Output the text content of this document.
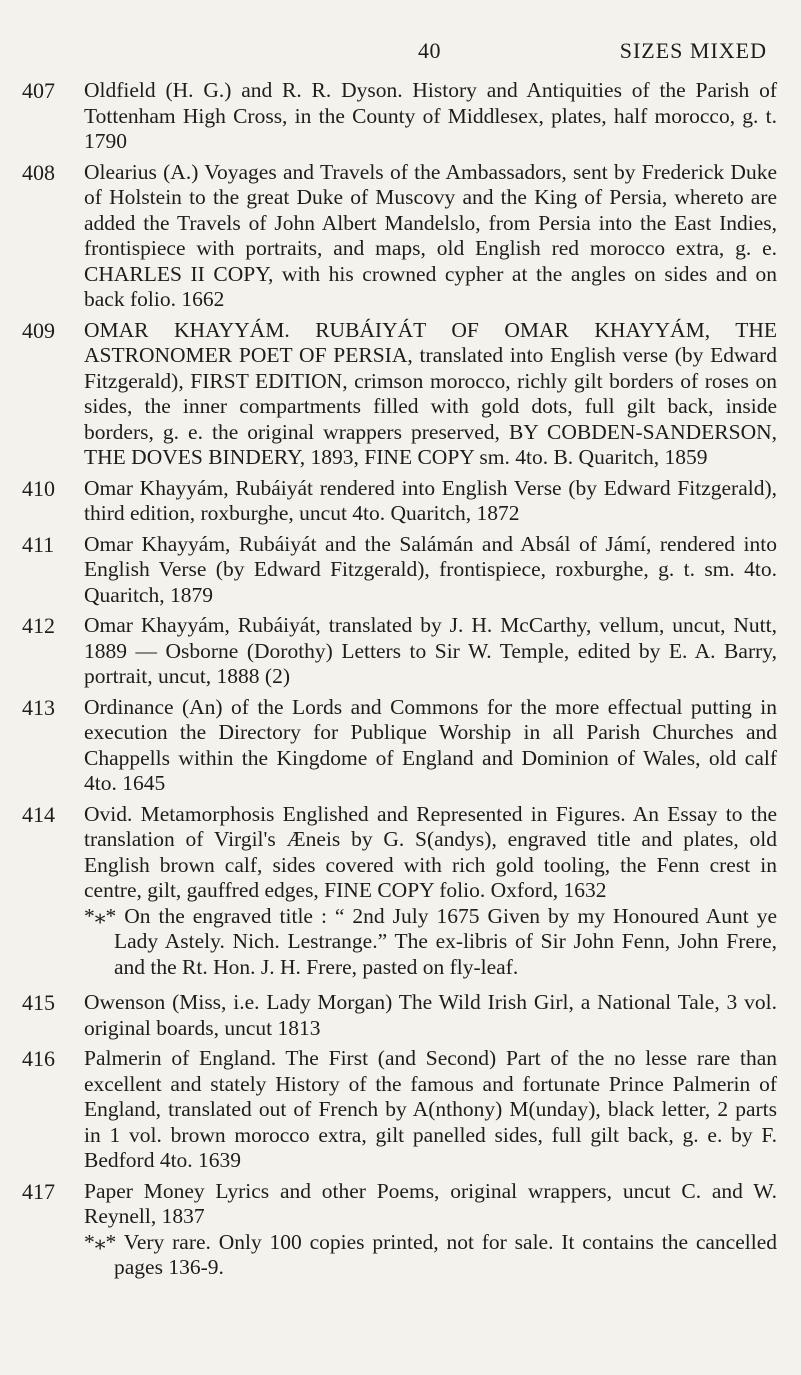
40	SIZES MIXED
407	Oldfield (H. G.) and R. R. Dyson. History and Antiquities of the Parish of Tottenham High Cross, in the County of Middlesex, plates, half morocco, g. t. 1790

408	Olearius (A.) Voyages and Travels of the Ambassadors, sent by Frederick Duke of Holstein to the great Duke of Muscovy and the King of Persia, whereto are added the Travels of John Albert Mandelslo, from Persia into the East Indies, frontispiece with portraits, and maps, old English red morocco extra, g. e. CHARLES II COPY, with his crowned cypher at the angles on sides and on back folio. 1662

409	OMAR KHAYYÁM. RUBÁIYÁT OF OMAR KHAYYÁM, THE ASTRONOMER POET OF PERSIA, translated into English verse (by Edward Fitzgerald), FIRST EDITION, crimson morocco, richly gilt borders of roses on sides, the inner compartments filled with gold dots, full gilt back, inside borders, g. e. the original wrappers preserved, BY COBDEN-SANDERSON, THE DOVES BINDERY, 1893, FINE COPY sm. 4to. B. Quaritch, 1859

410	Omar Khayyám, Rubáiyát rendered into English Verse (by Edward Fitzgerald), third edition, roxburghe, uncut 4to. Quaritch, 1872

411	Omar Khayyám, Rubáiyát and the Salámán and Absál of Jámí, rendered into English Verse (by Edward Fitzgerald), frontispiece, roxburghe, g. t. sm. 4to. Quaritch, 1879

412	Omar Khayyám, Rubáiyát, translated by J. H. McCarthy, vellum, uncut, Nutt, 1889 — Osborne (Dorothy) Letters to Sir W. Temple, edited by E. A. Barry, portrait, uncut, 1888 (2)

413	Ordinance (An) of the Lords and Commons for the more effectual putting in execution the Directory for Publique Worship in all Parish Churches and Chappells within the Kingdome of England and Dominion of Wales, old calf 4to. 1645

414	Ovid. Metamorphosis Englished and Represented in Figures. An Essay to the translation of Virgil's Æneis by G. S(andys), engraved title and plates, old English brown calf, sides covered with rich gold tooling, the Fenn crest in centre, gilt, gauffred edges, FINE COPY folio. Oxford, 1632

*⁎* On the engraved title : “ 2nd July 1675 Given by my Honoured Aunt ye Lady Astely. Nich. Lestrange.” The ex-libris of Sir John Fenn, John Frere, and the Rt. Hon. J. H. Frere, pasted on fly-leaf.

415	Owenson (Miss, i.e. Lady Morgan) The Wild Irish Girl, a National Tale, 3 vol. original boards, uncut 1813

416	Palmerin of England. The First (and Second) Part of the no lesse rare than excellent and stately History of the famous and fortunate Prince Palmerin of England, translated out of French by A(nthony) M(unday), black letter, 2 parts in 1 vol. brown morocco extra, gilt panelled sides, full gilt back, g. e. by F. Bedford 4to. 1639

417	Paper Money Lyrics and other Poems, original wrappers, uncut C. and W. Reynell, 1837

*⁎* Very rare. Only 100 copies printed, not for sale. It contains the cancelled pages 136-9.
